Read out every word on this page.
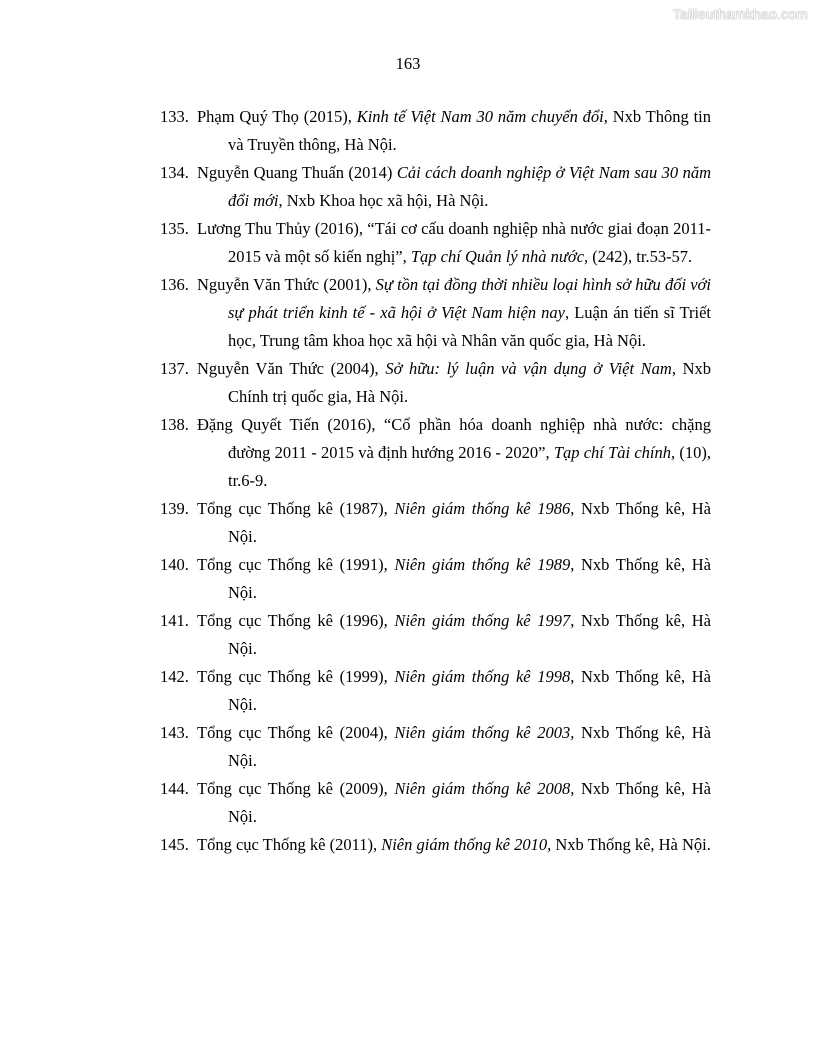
Tailieuthamkhao.com
163
133. Phạm Quý Thọ (2015), Kinh tế Việt Nam 30 năm chuyển đổi, Nxb Thông tin và Truyền thông, Hà Nội.
134. Nguyễn Quang Thuấn (2014) Cải cách doanh nghiệp ở Việt Nam sau 30 năm đổi mới, Nxb Khoa học xã hội, Hà Nội.
135. Lương Thu Thủy (2016), “Tái cơ cấu doanh nghiệp nhà nước giai đoạn 2011-2015 và một số kiến nghị”, Tạp chí Quản lý nhà nước, (242), tr.53-57.
136. Nguyễn Văn Thức (2001), Sự tồn tại đồng thời nhiều loại hình sở hữu đối với sự phát triển kinh tế - xã hội ở Việt Nam hiện nay, Luận án tiến sĩ Triết học, Trung tâm khoa học xã hội và Nhân văn quốc gia, Hà Nội.
137. Nguyễn Văn Thức (2004), Sở hữu: lý luận và vận dụng ở Việt Nam, Nxb Chính trị quốc gia, Hà Nội.
138. Đặng Quyết Tiến (2016), “Cổ phần hóa doanh nghiệp nhà nước: chặng đường 2011 - 2015 và định hướng 2016 - 2020”, Tạp chí Tài chính, (10), tr.6-9.
139. Tổng cục Thống kê (1987), Niên giám thống kê 1986, Nxb Thống kê, Hà Nội.
140. Tổng cục Thống kê (1991), Niên giám thống kê 1989, Nxb Thống kê, Hà Nội.
141. Tổng cục Thống kê (1996), Niên giám thống kê 1997, Nxb Thống kê, Hà Nội.
142. Tổng cục Thống kê (1999), Niên giám thống kê 1998, Nxb Thống kê, Hà Nội.
143. Tổng cục Thống kê (2004), Niên giám thống kê 2003, Nxb Thống kê, Hà Nội.
144. Tổng cục Thống kê (2009), Niên giám thống kê 2008, Nxb Thống kê, Hà Nội.
145. Tổng cục Thống kê (2011), Niên giám thống kê 2010, Nxb Thống kê, Hà Nội.
